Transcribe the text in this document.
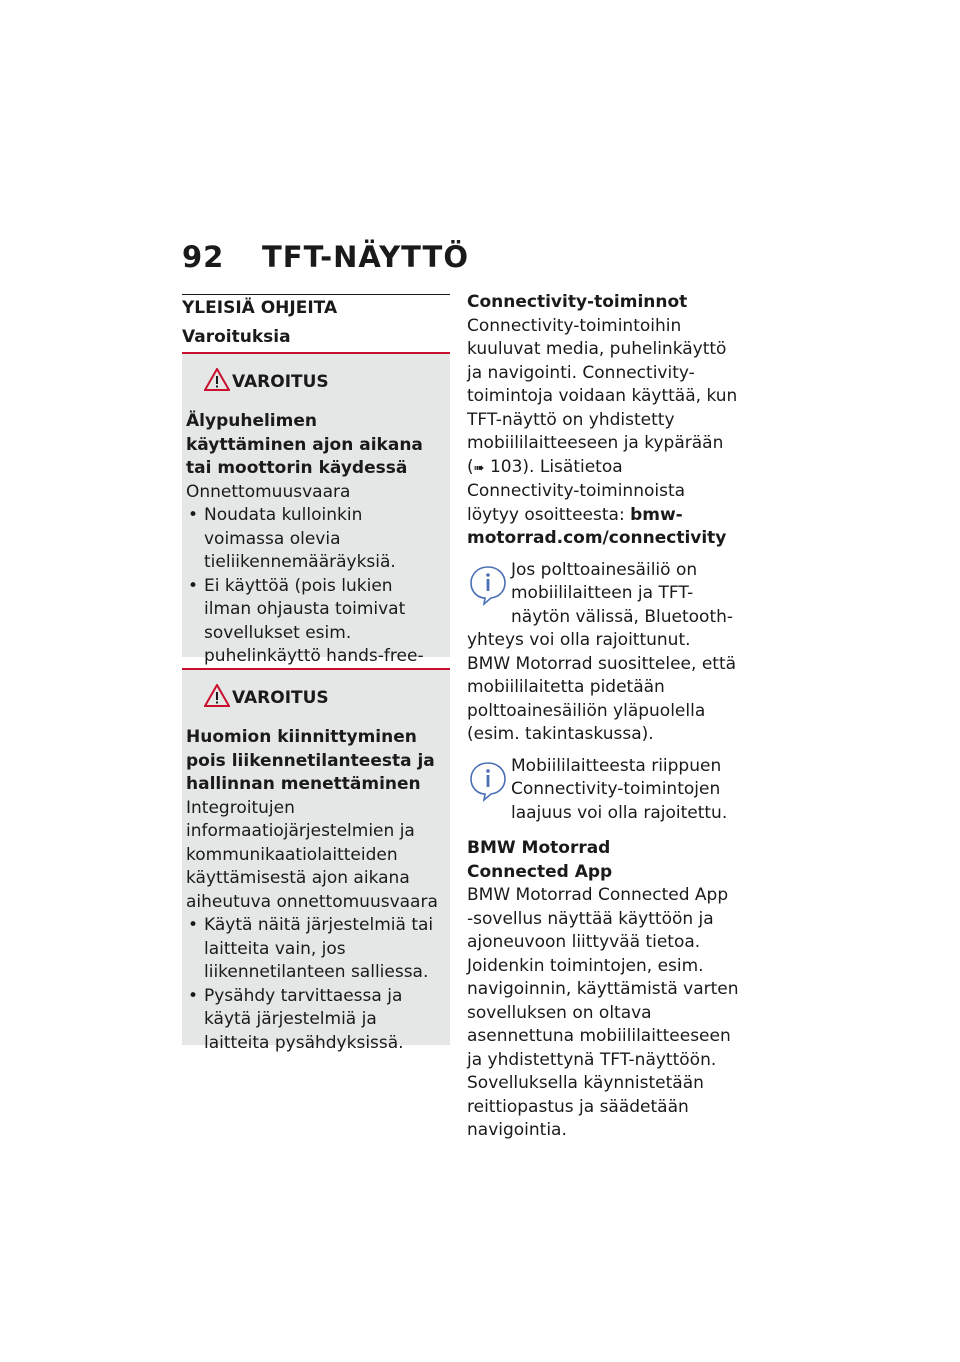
92 TFT-NÄYTTÖ
YLEISIÄ OHJEITA
Varoituksia
VAROITUS
Älypuhelimen käyttäminen ajon aikana tai moottorin käydessä
Onnettomuusvaara
• Noudata kulloinkin voimassa olevia tieliikennemääräyksiä.
• Ei käyttöä (pois lukien ilman ohjausta toimivat sovellukset esim. puhelinkäyttö hands-free-
VAROITUS
Huomion kiinnittyminen pois liikennetilanteesta ja hallinnan menettäminen
Integroitujen informaatiojärjestelmien ja kommunikaatiolaitteiden käyttämisestä ajon aikana aiheutuva onnettomuusvaara
• Käytä näitä järjestelmiä tai laitteita vain, jos liikennetilanteen salliessa.
• Pysähdy tarvittaessa ja käytä järjestelmiä ja laitteita pysähdyksissä.
Connectivity-toiminnot
Connectivity-toimintoihin kuuluvat media, puhelinkäyttö ja navigointi. Connectivity-toimintoja voidaan käyttää, kun TFT-näyttö on yhdistetty mobiililaitteeseen ja kypärään (➠ 103). Lisätietoa Connectivity-toiminnoista löytyy osoitteesta: bmw-motorrad.com/connectivity
Jos polttoainesäiliö on mobiililaitteen ja TFT-näytön välissä, Bluetooth-yhteys voi olla rajoittunut. BMW Motorrad suosittelee, että mobiililaitetta pidetään polttoainesäiliön yläpuolella (esim. takintaskussa).
Mobiililaitteesta riippuen Connectivity-toimintojen laajuus voi olla rajoitettu.
BMW Motorrad
Connected App
BMW Motorrad Connected App -sovellus näyttää käyttöön ja ajoneuvoon liittyvää tietoa. Joidenkin toimintojen, esim. navigoinnin, käyttämistä varten sovelluksen on oltava asennettuna mobiililaitteeseen ja yhdistettynä TFT-näyttöön. Sovelluksella käynnistetään reittiopastus ja säädetään navigointia.
